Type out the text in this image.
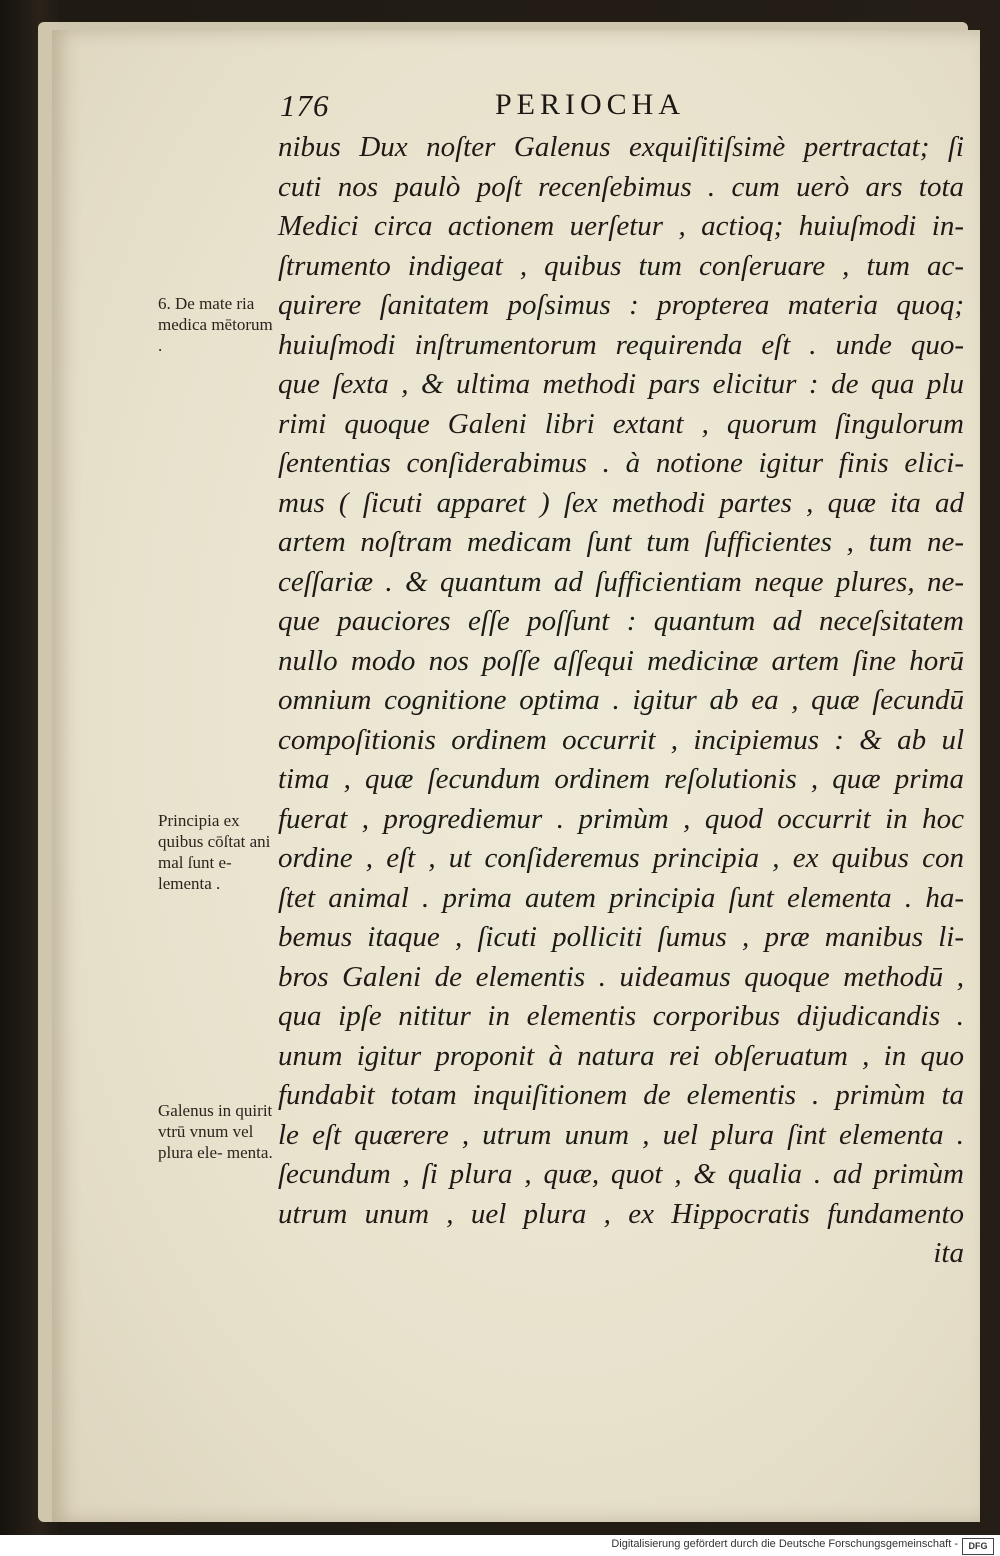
176	PERIOCHA
6. De mate ria medica mētorum .
Principia ex quibus cōſtat ani mal ſunt e- lementa .
Galenus in quirit vtrū vnum vel plura ele- menta.
nibus Dux noſter Galenus exquiſitiſsimè pertractat; ſi
cuti nos paulò poſt recenſebimus . cum uerò ars tota
Medici circa actionem uerſetur , actioq; huiuſmodi in-
ſtrumento indigeat , quibus tum conſeruare , tum ac-
quirere ſanitatem poſsimus : propterea materia quoq;
huiuſmodi inſtrumentorum requirenda eſt . unde quo-
que ſexta , & ultima methodi pars elicitur : de qua plu
rimi quoque Galeni libri extant , quorum ſingulorum
ſententias conſiderabimus . à notione igitur finis elici-
mus ( ſicuti apparet ) ſex methodi partes , quæ ita ad
artem noſtram medicam ſunt tum ſufficientes , tum ne-
ceſſariæ . & quantum ad ſufficientiam neque plures, ne-
que pauciores eſſe poſſunt : quantum ad neceſsitatem
nullo modo nos poſſe aſſequi medicinæ artem ſine horū
omnium cognitione optima . igitur ab ea , quæ ſecundū
compoſitionis ordinem occurrit , incipiemus : & ab ul
tima , quæ ſecundum ordinem reſolutionis , quæ prima
fuerat , progrediemur . primùm , quod occurrit in hoc
ordine , eſt , ut conſideremus principia , ex quibus con
ſtet animal . prima autem principia ſunt elementa . ha-
bemus itaque , ſicuti polliciti ſumus , præ manibus li-
bros Galeni de elementis . uideamus quoque methodū ,
qua ipſe nititur in elementis corporibus dijudicandis .
unum igitur proponit à natura rei obſeruatum , in quo
fundabit totam inquiſitionem de elementis . primùm ta
le eſt quærere , utrum unum , uel plura ſint elementa .
ſecundum , ſi plura , quæ, quot , & qualia . ad primùm
utrum unum , uel plura , ex Hippocratis fundamento
ita
Digitalisierung gefördert durch die Deutsche Forschungsgemeinschaft -	DFG
